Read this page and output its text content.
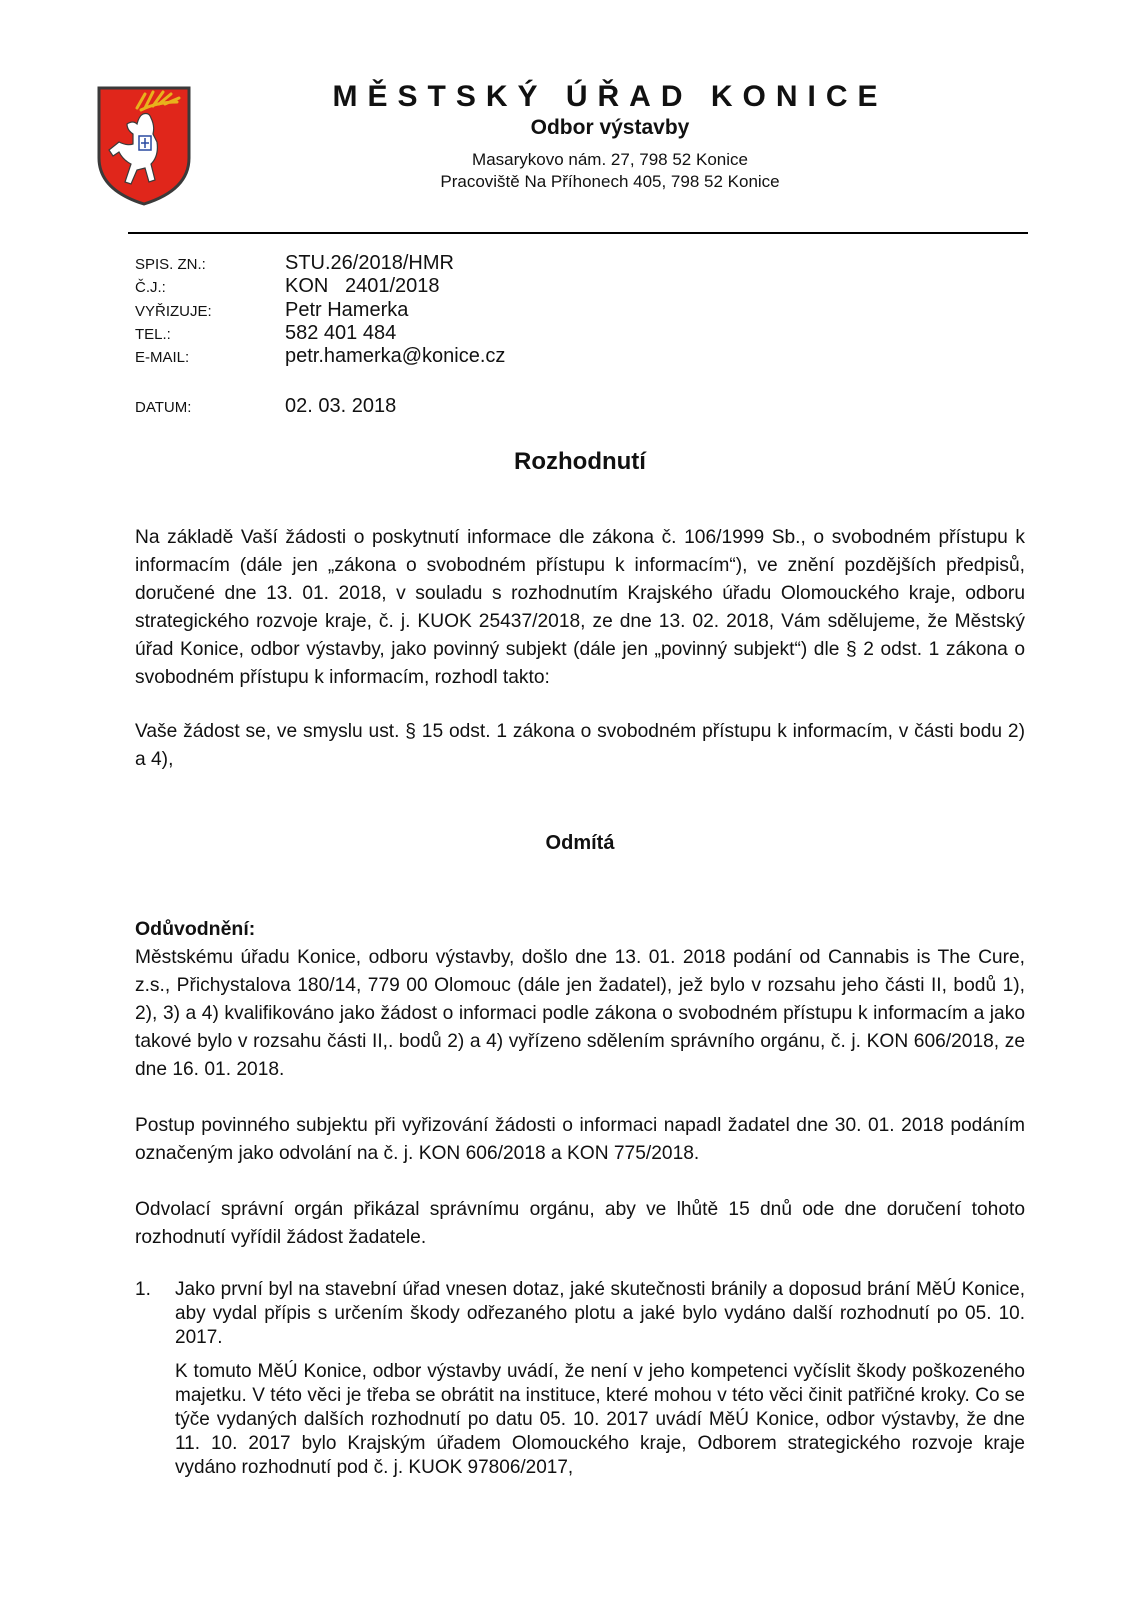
MĚSTSKÝ ÚŘAD KONICE
Odbor výstavby
Masarykovo nám. 27, 798 52 Konice
Pracoviště Na Příhonech 405, 798 52 Konice
SPIS. ZN.:	STU.26/2018/HMR
Č.J.:	KON   2401/2018
VYŘIZUJE:	Petr Hamerka
TEL.:	582 401 484
E-MAIL:	petr.hamerka@konice.cz
DATUM:	02. 03. 2018
Rozhodnutí
Na základě Vaší žádosti o poskytnutí informace dle zákona č. 106/1999 Sb., o svobodném přístupu k informacím (dále jen „zákona o svobodném přístupu k informacím“), ve znění pozdějších předpisů, doručené dne 13. 01. 2018, v souladu s rozhodnutím Krajského úřadu Olomouckého kraje, odboru strategického rozvoje kraje, č. j. KUOK 25437/2018, ze dne 13. 02. 2018, Vám sdělujeme, že Městský úřad Konice, odbor výstavby, jako povinný subjekt (dále jen „povinný subjekt“) dle § 2 odst. 1 zákona o svobodném přístupu k informacím, rozhodl takto:
Vaše žádost se, ve smyslu ust. § 15 odst. 1 zákona o svobodném přístupu k informacím, v části bodu 2) a 4),
Odmítá
Odůvodnění:
Městskému úřadu Konice, odboru výstavby, došlo dne 13. 01. 2018 podání od Cannabis is The Cure, z.s., Přichystalova 180/14, 779 00 Olomouc (dále jen žadatel), jež bylo v rozsahu jeho části II, bodů 1), 2), 3) a 4) kvalifikováno jako žádost o informaci podle zákona o svobodném přístupu k informacím a jako takové bylo v rozsahu části II,. bodů 2) a 4) vyřízeno sdělením správního orgánu, č. j. KON 606/2018, ze dne 16. 01. 2018.
Postup povinného subjektu při vyřizování žádosti o informaci napadl žadatel dne 30. 01. 2018 podáním označeným jako odvolání na č. j. KON 606/2018 a KON 775/2018.
Odvolací správní orgán přikázal správnímu orgánu, aby ve lhůtě 15 dnů ode dne doručení tohoto rozhodnutí vyřídil žádost žadatele.
1. Jako první byl na stavební úřad vnesen dotaz, jaké skutečnosti bránily a doposud brání MěÚ Konice, aby vydal přípis s určením škody odřezaného plotu a jaké bylo vydáno další rozhodnutí po 05. 10. 2017.
K tomuto MěÚ Konice, odbor výstavby uvádí, že není v jeho kompetenci vyčíslit škody poškozeného majetku. V této věci je třeba se obrátit na instituce, které mohou v této věci činit patřičné kroky. Co se týče vydaných dalších rozhodnutí po datu 05. 10. 2017 uvádí MěÚ Konice, odbor výstavby, že dne 11. 10. 2017 bylo Krajským úřadem Olomouckého kraje, Odborem strategického rozvoje kraje vydáno rozhodnutí pod č. j. KUOK 97806/2017,
